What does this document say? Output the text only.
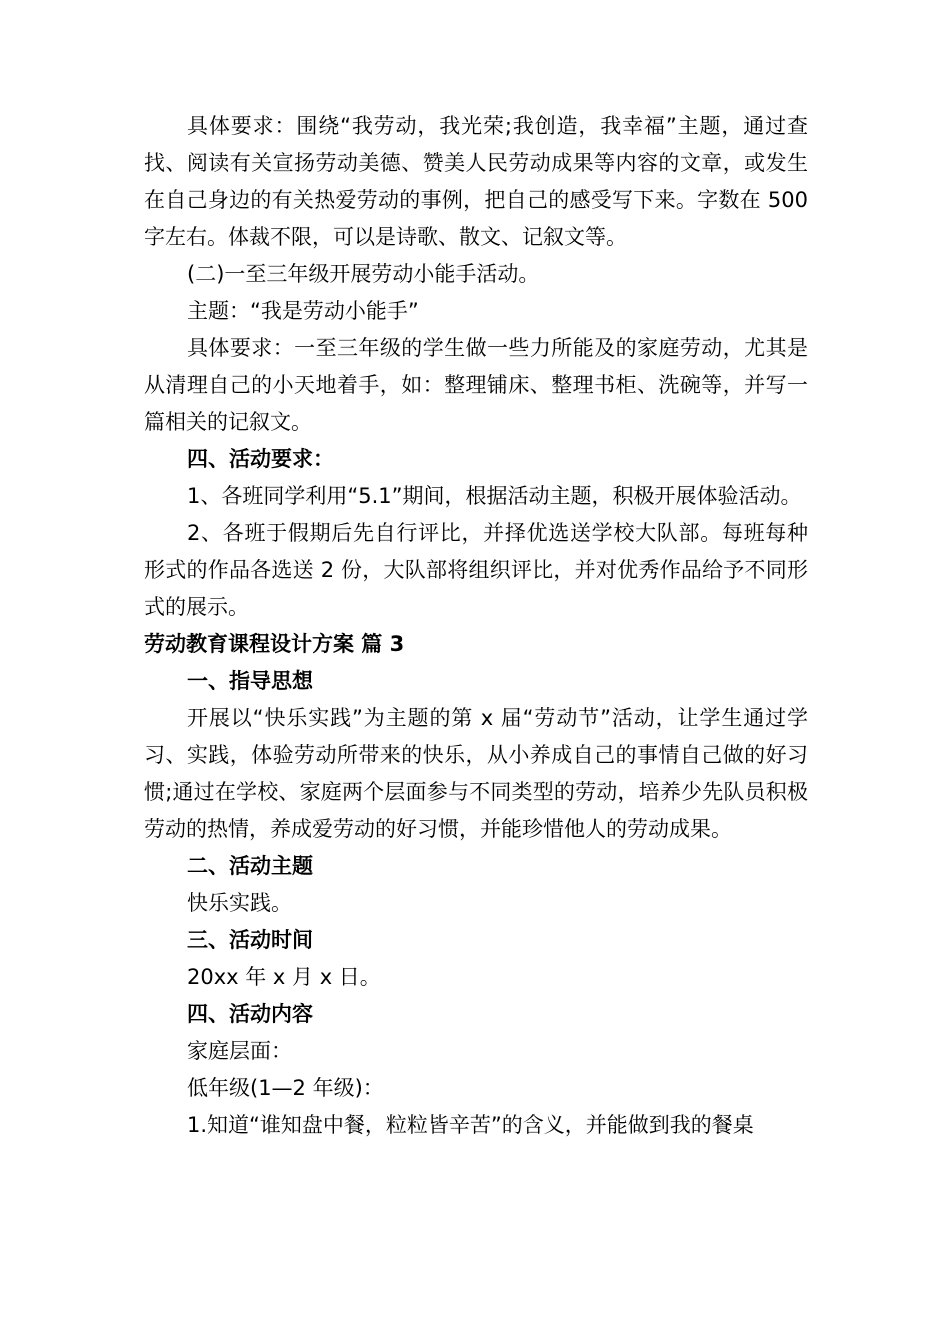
具体要求：围绕“我劳动，我光荣;我创造，我幸福”主题，通过查找、阅读有关宣扬劳动美德、赞美人民劳动成果等内容的文章，或发生在自己身边的有关热爱劳动的事例，把自己的感受写下来。字数在 500 字左右。体裁不限，可以是诗歌、散文、记叙文等。

(二)一至三年级开展劳动小能手活动。

主题：“我是劳动小能手”

具体要求：一至三年级的学生做一些力所能及的家庭劳动，尤其是从清理自己的小天地着手，如：整理铺床、整理书柜、洗碗等，并写一篇相关的记叙文。

四、活动要求：

1、各班同学利用“5.1”期间，根据活动主题，积极开展体验活动。

2、各班于假期后先自行评比，并择优选送学校大队部。每班每种形式的作品各选送 2 份，大队部将组织评比，并对优秀作品给予不同形式的展示。

劳动教育课程设计方案 篇 3

一、指导思想

开展以“快乐实践”为主题的第 x 届“劳动节”活动，让学生通过学习、实践，体验劳动所带来的快乐，从小养成自己的事情自己做的好习惯;通过在学校、家庭两个层面参与不同类型的劳动，培养少先队员积极劳动的热情，养成爱劳动的好习惯，并能珍惜他人的劳动成果。

二、活动主题

快乐实践。

三、活动时间

20xx 年 x 月 x 日。

四、活动内容

家庭层面：

低年级(1—2 年级)：

1.知道“谁知盘中餐，粒粒皆辛苦”的含义，并能做到我的餐桌
